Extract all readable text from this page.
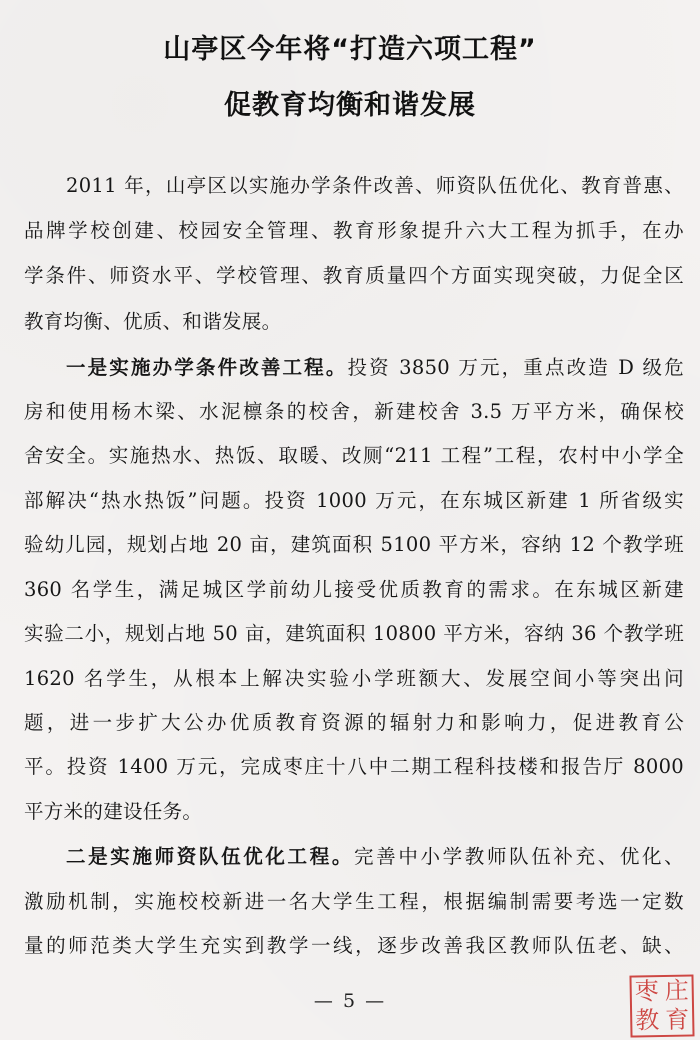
山亭区今年将“打造六项工程”
促教育均衡和谐发展
2011 年，山亭区以实施办学条件改善、师资队伍优化、教育普惠、
品牌学校创建、校园安全管理、教育形象提升六大工程为抓手，在办
学条件、师资水平、学校管理、教育质量四个方面实现突破，力促全区
教育均衡、优质、和谐发展。
一是实施办学条件改善工程。投资 3850 万元，重点改造 D 级危
房和使用杨木梁、水泥檩条的校舍，新建校舍 3.5 万平方米，确保校
舍安全。实施热水、热饭、取暖、改厕“211 工程”工程，农村中小学全
部解决“热水热饭”问题。投资 1000 万元，在东城区新建 1 所省级实
验幼儿园，规划占地 20 亩，建筑面积 5100 平方米，容纳 12 个教学班
360 名学生，满足城区学前幼儿接受优质教育的需求。在东城区新建
实验二小，规划占地 50 亩，建筑面积 10800 平方米，容纳 36 个教学班
1620 名学生，从根本上解决实验小学班额大、发展空间小等突出问
题，进一步扩大公办优质教育资源的辐射力和影响力，促进教育公
平。投资 1400 万元，完成枣庄十八中二期工程科技楼和报告厅 8000
平方米的建设任务。
二是实施师资队伍优化工程。完善中小学教师队伍补充、优化、
激励机制，实施校校新进一名大学生工程，根据编制需要考选一定数
量的师范类大学生充实到教学一线，逐步改善我区教师队伍老、缺、
— 5 —	枣 庄
教 育
